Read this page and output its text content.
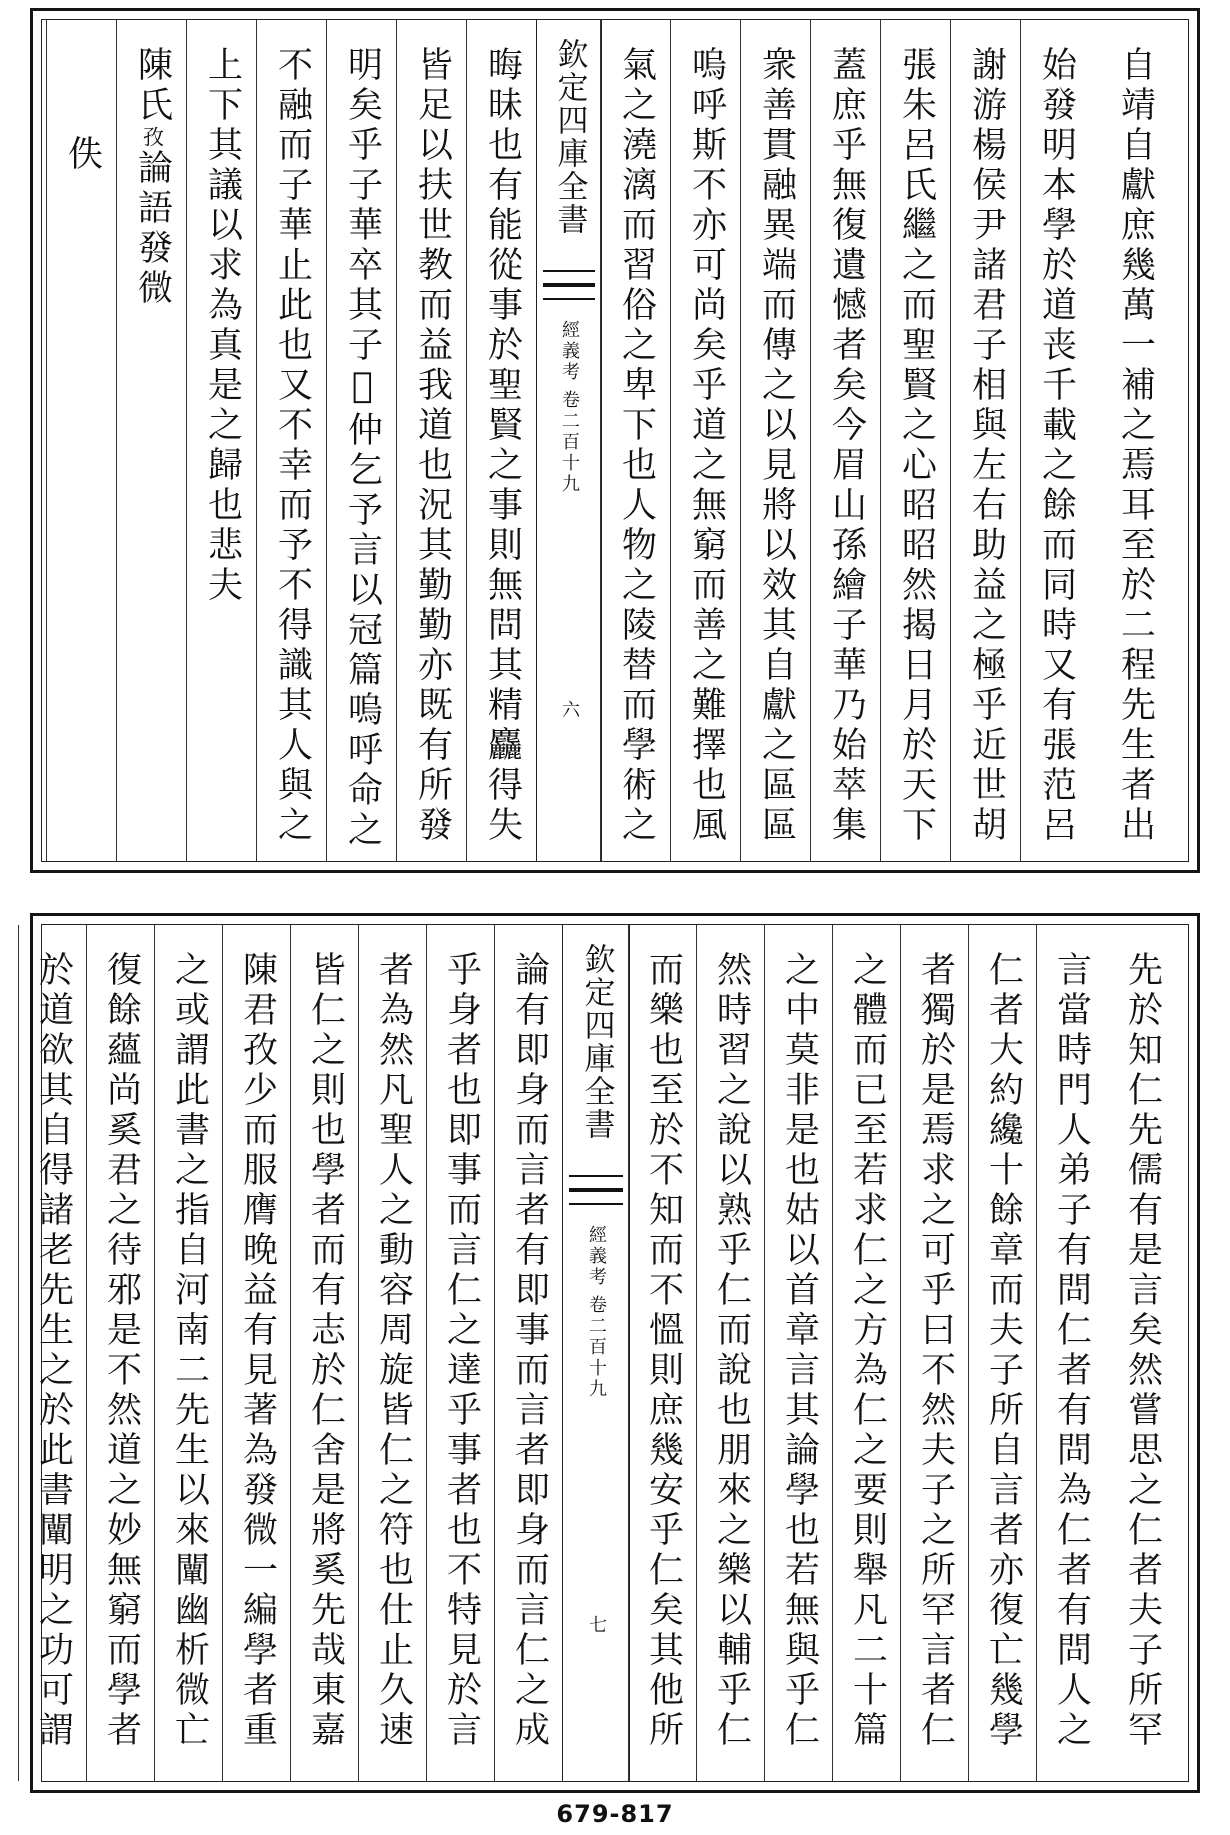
自靖自獻庶幾萬一補之焉耳至於二程先生者出
始發明本學於道丧千載之餘而同時又有張范呂
謝游楊侯尹諸君子相與左右助益之極乎近世胡
張朱呂氏繼之而聖賢之心昭昭然揭日月於天下
蓋庶乎無復遺憾者矣今眉山孫繪子華乃始萃集
衆善貫融異端而傳之以見將以效其自獻之區區
嗚呼斯不亦可尚矣乎道之無窮而善之難擇也風
氣之澆漓而習俗之卑下也人物之陵替而學術之
欽定四庫全書
經義考
卷二百十九
六
晦昧也有能從事於聖賢之事則無問其精麤得失
皆足以扶世教而益我道也況其勤勤亦既有所發
明矣乎子華卒其子𥞤仲乞予言以冠篇嗚呼命之
不融而子華止此也又不幸而予不得識其人與之
上下其議以求為真是之歸也悲夫
陳氏孜論語發微
佚
先於知仁先儒有是言矣然嘗思之仁者夫子所罕
言當時門人弟子有問仁者有問為仁者有問人之
仁者大約纔十餘章而夫子所自言者亦復亡幾學
者獨於是焉求之可乎曰不然夫子之所罕言者仁
之體而已至若求仁之方為仁之要則舉凡二十篇
之中莫非是也姑以首章言其論學也若無與乎仁
然時習之說以熟乎仁而說也朋來之樂以輔乎仁
而樂也至於不知而不慍則庶幾安乎仁矣其他所
欽定四庫全書
經義考
卷二百十九
七
論有即身而言者有即事而言者即身而言仁之成
乎身者也即事而言仁之達乎事者也不特見於言
者為然凡聖人之動容周旋皆仁之符也仕止久速
皆仁之則也學者而有志於仁舍是將奚先哉東嘉
陳君孜少而服膺晚益有見著為發微一編學者重
之或謂此書之指自河南二先生以來闡幽析微亡
復餘蘊尚奚君之待邪是不然道之妙無窮而學者
於道欲其自得諸老先生之於此書闡明之功可謂
679-817
